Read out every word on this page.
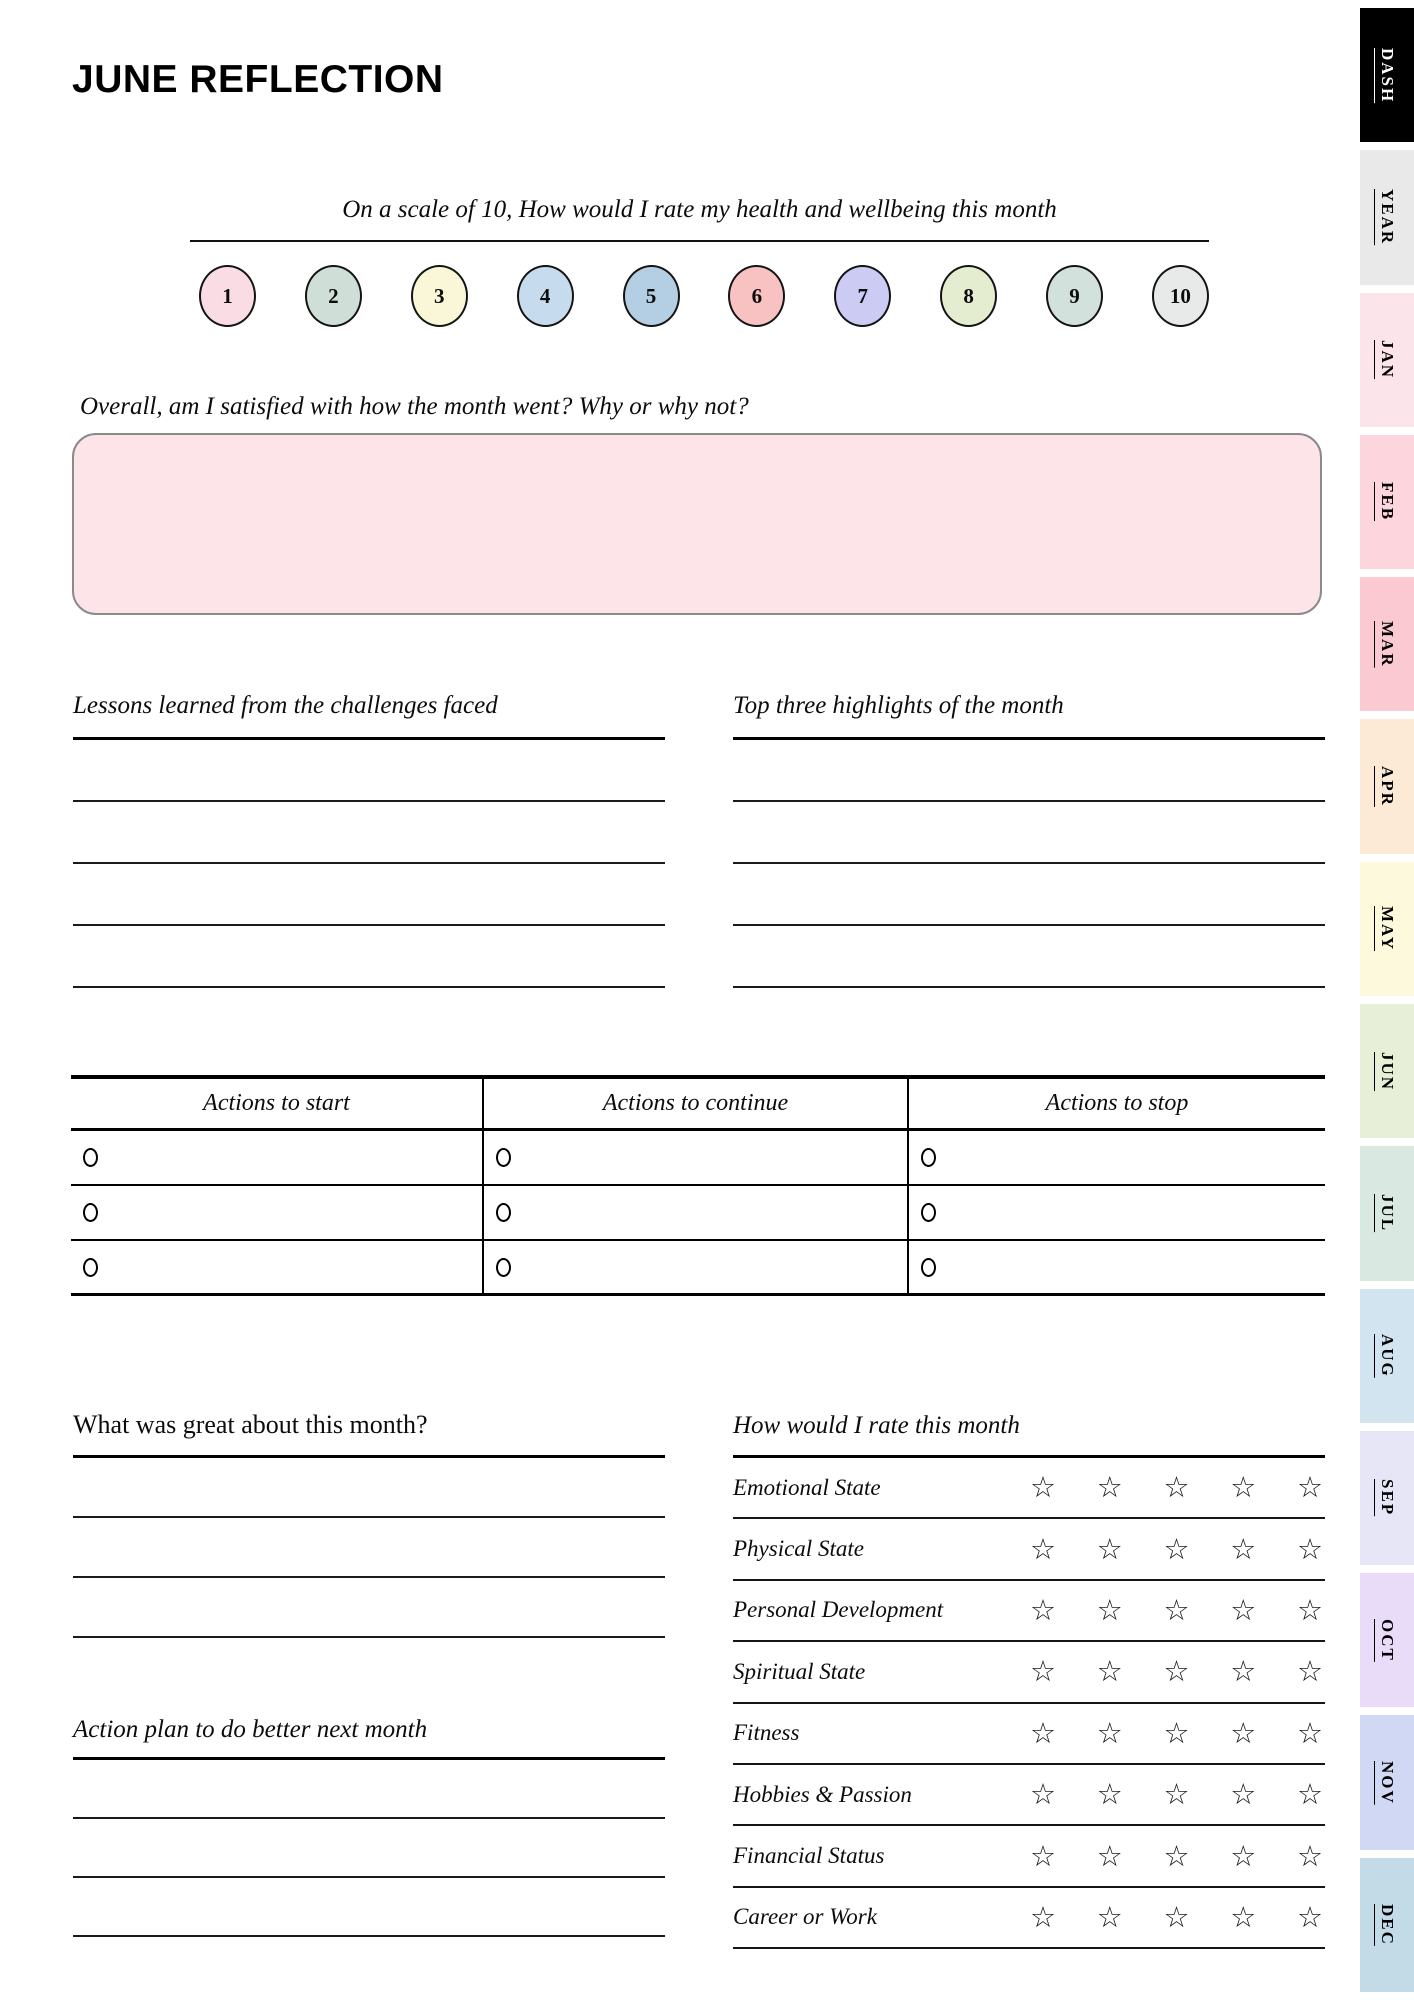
JUNE REFLECTION
On a scale of 10, How would I rate my health and wellbeing this month
1	2	3	4	5	6	7	8	9	10
Overall, am I satisfied with how the month went? Why or why not?
Lessons learned from the challenges faced	Top three highlights of the month
Actions to start	Actions to continue	Actions to stop
What was great about this month?
Action plan to do better next month
How would I rate this month
Emotional State	☆ ☆ ☆ ☆ ☆
Physical State	☆ ☆ ☆ ☆ ☆
Personal Development	☆ ☆ ☆ ☆ ☆
Spiritual State	☆ ☆ ☆ ☆ ☆
Fitness	☆ ☆ ☆ ☆ ☆
Hobbies & Passion	☆ ☆ ☆ ☆ ☆
Financial Status	☆ ☆ ☆ ☆ ☆
Career or Work	☆ ☆ ☆ ☆ ☆
DASH
YEAR
JAN
FEB
MAR
APR
MAY
JUN
JUL
AUG
SEP
OCT
NOV
DEC
